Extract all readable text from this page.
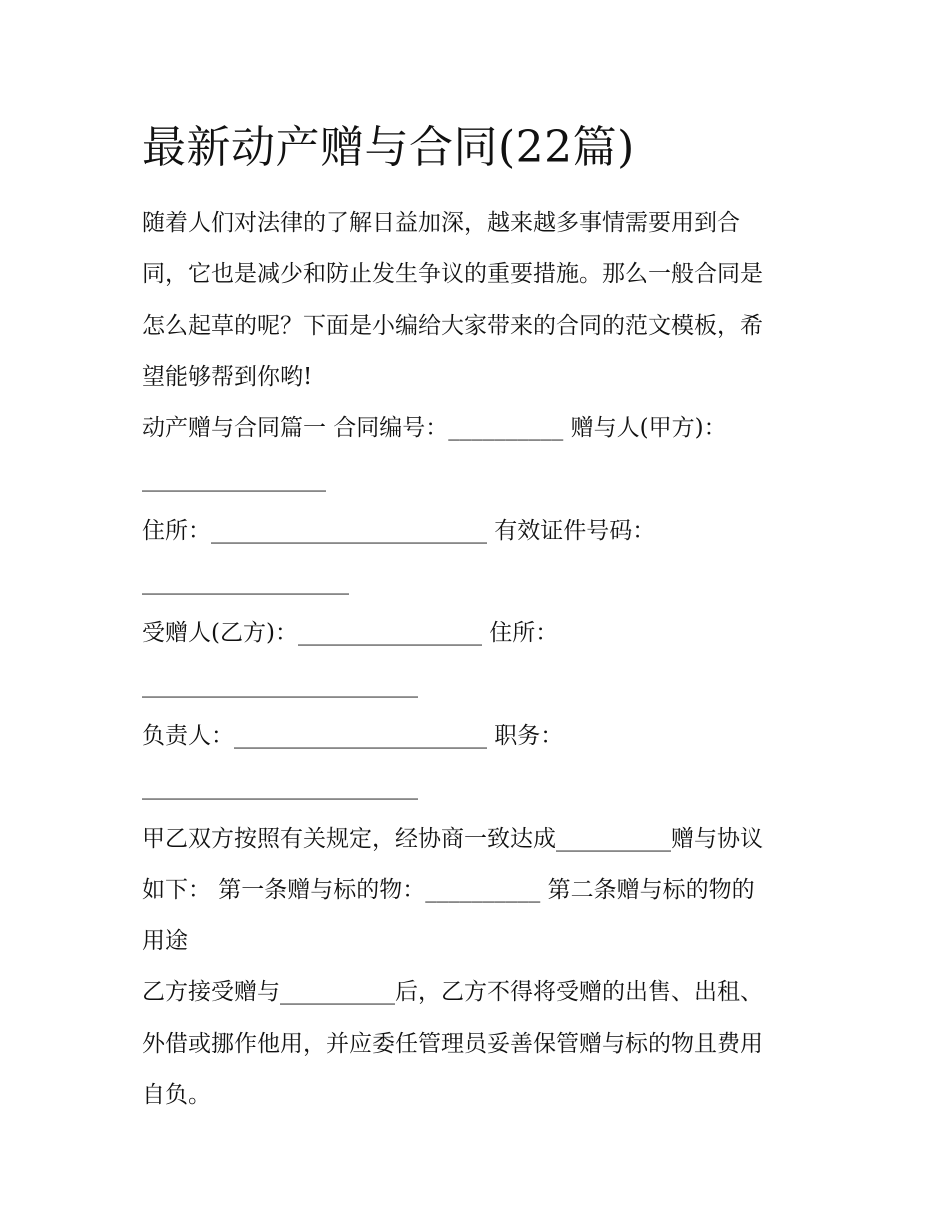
最新动产赠与合同(22篇)
随着人们对法律的了解日益加深，越来越多事情需要用到合
同，它也是减少和防止发生争议的重要措施。那么一般合同是
怎么起草的呢？下面是小编给大家带来的合同的范文模板，希
望能够帮到你哟!
动产赠与合同篇一 合同编号：__________ 赠与人(甲方)：
________________
住所：________________________ 有效证件号码：
__________________
受赠人(乙方)：________________ 住所：
________________________
负责人：______________________ 职务：
________________________
甲乙双方按照有关规定，经协商一致达成__________赠与协议
如下： 第一条赠与标的物：__________ 第二条赠与标的物的
用途
乙方接受赠与__________后，乙方不得将受赠的出售、出租、
外借或挪作他用，并应委任管理员妥善保管赠与标的物且费用
自负。
